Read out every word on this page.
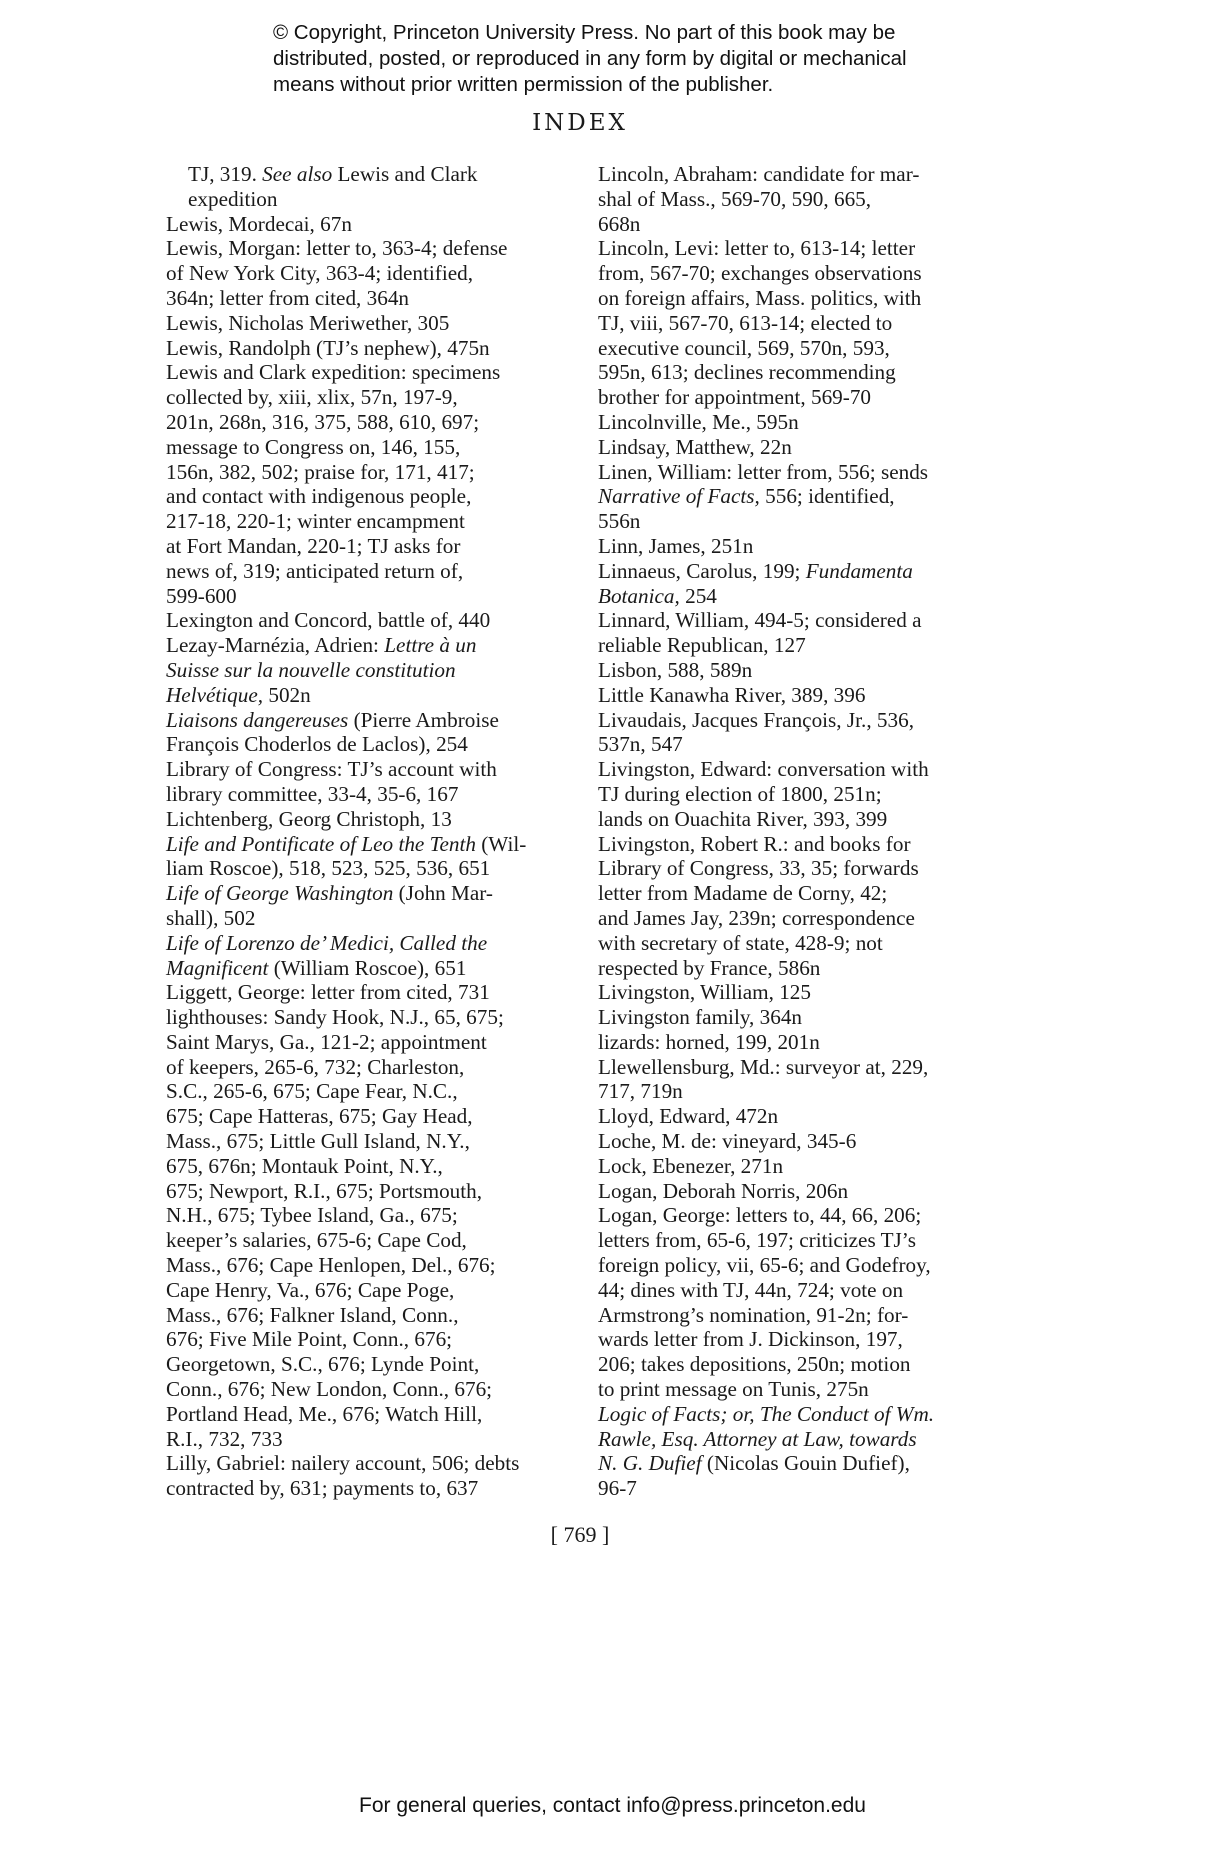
© Copyright, Princeton University Press. No part of this book may be
distributed, posted, or reproduced in any form by digital or mechanical
means without prior written permission of the publisher.
INDEX

TJ, 319. See also Lewis and Clark
expedition

Lewis, Mordecai, 67n

Lewis, Morgan: letter to, 363-4; defense
of New York City, 363-4; identified,
364n; letter from cited, 364n

Lewis, Nicholas Meriwether, 305

Lewis, Randolph (TJ’s nephew), 475n

Lewis and Clark expedition: specimens
collected by, xiii, xlix, 57n, 197-9,
201n, 268n, 316, 375, 588, 610, 697;
message to Congress on, 146, 155,
156n, 382, 502; praise for, 171, 417;
and contact with indigenous people,
217-18, 220-1; winter encampment
at Fort Mandan, 220-1; TJ asks for
news of, 319; anticipated return of,
599-600

Lexington and Concord, battle of, 440

Lezay-Marnézia, Adrien: Lettre à un
Suisse sur la nouvelle constitution
Helvétique, 502n

Liaisons dangereuses (Pierre Ambroise
François Choderlos de Laclos), 254

Library of Congress: TJ’s account with
library committee, 33-4, 35-6, 167

Lichtenberg, Georg Christoph, 13

Life and Pontificate of Leo the Tenth (Wil-
liam Roscoe), 518, 523, 525, 536, 651

Life of George Washington (John Mar-
shall), 502

Life of Lorenzo de’ Medici, Called the
Magnificent (William Roscoe), 651

Liggett, George: letter from cited, 731

lighthouses: Sandy Hook, N.J., 65, 675;
Saint Marys, Ga., 121-2; appointment
of keepers, 265-6, 732; Charleston,
S.C., 265-6, 675; Cape Fear, N.C.,
675; Cape Hatteras, 675; Gay Head,
Mass., 675; Little Gull Island, N.Y.,
675, 676n; Montauk Point, N.Y.,
675; Newport, R.I., 675; Portsmouth,
N.H., 675; Tybee Island, Ga., 675;
keeper’s salaries, 675-6; Cape Cod,
Mass., 676; Cape Henlopen, Del., 676;
Cape Henry, Va., 676; Cape Poge,
Mass., 676; Falkner Island, Conn.,
676; Five Mile Point, Conn., 676;
Georgetown, S.C., 676; Lynde Point,
Conn., 676; New London, Conn., 676;
Portland Head, Me., 676; Watch Hill,
R.I., 732, 733

Lilly, Gabriel: nailery account, 506; debts
contracted by, 631; payments to, 637

Lincoln, Abraham: candidate for mar-
shal of Mass., 569-70, 590, 665,
668n

Lincoln, Levi: letter to, 613-14; letter
from, 567-70; exchanges observations
on foreign affairs, Mass. politics, with
TJ, viii, 567-70, 613-14; elected to
executive council, 569, 570n, 593,
595n, 613; declines recommending
brother for appointment, 569-70

Lincolnville, Me., 595n

Lindsay, Matthew, 22n

Linen, William: letter from, 556; sends
Narrative of Facts, 556; identified,
556n

Linn, James, 251n

Linnaeus, Carolus, 199; Fundamenta
Botanica, 254

Linnard, William, 494-5; considered a
reliable Republican, 127

Lisbon, 588, 589n

Little Kanawha River, 389, 396

Livaudais, Jacques François, Jr., 536,
537n, 547

Livingston, Edward: conversation with
TJ during election of 1800, 251n;
lands on Ouachita River, 393, 399

Livingston, Robert R.: and books for
Library of Congress, 33, 35; forwards
letter from Madame de Corny, 42;
and James Jay, 239n; correspondence
with secretary of state, 428-9; not
respected by France, 586n

Livingston, William, 125

Livingston family, 364n

lizards: horned, 199, 201n

Llewellensburg, Md.: surveyor at, 229,
717, 719n

Lloyd, Edward, 472n

Loche, M. de: vineyard, 345-6

Lock, Ebenezer, 271n

Logan, Deborah Norris, 206n

Logan, George: letters to, 44, 66, 206;
letters from, 65-6, 197; criticizes TJ’s
foreign policy, vii, 65-6; and Godefroy,
44; dines with TJ, 44n, 724; vote on
Armstrong’s nomination, 91-2n; for-
wards letter from J. Dickinson, 197,
206; takes depositions, 250n; motion
to print message on Tunis, 275n

Logic of Facts; or, The Conduct of Wm.
Rawle, Esq. Attorney at Law, towards
N. G. Dufief (Nicolas Gouin Dufief),
96-7

[ 769 ]
For general queries, contact info@press.princeton.edu
